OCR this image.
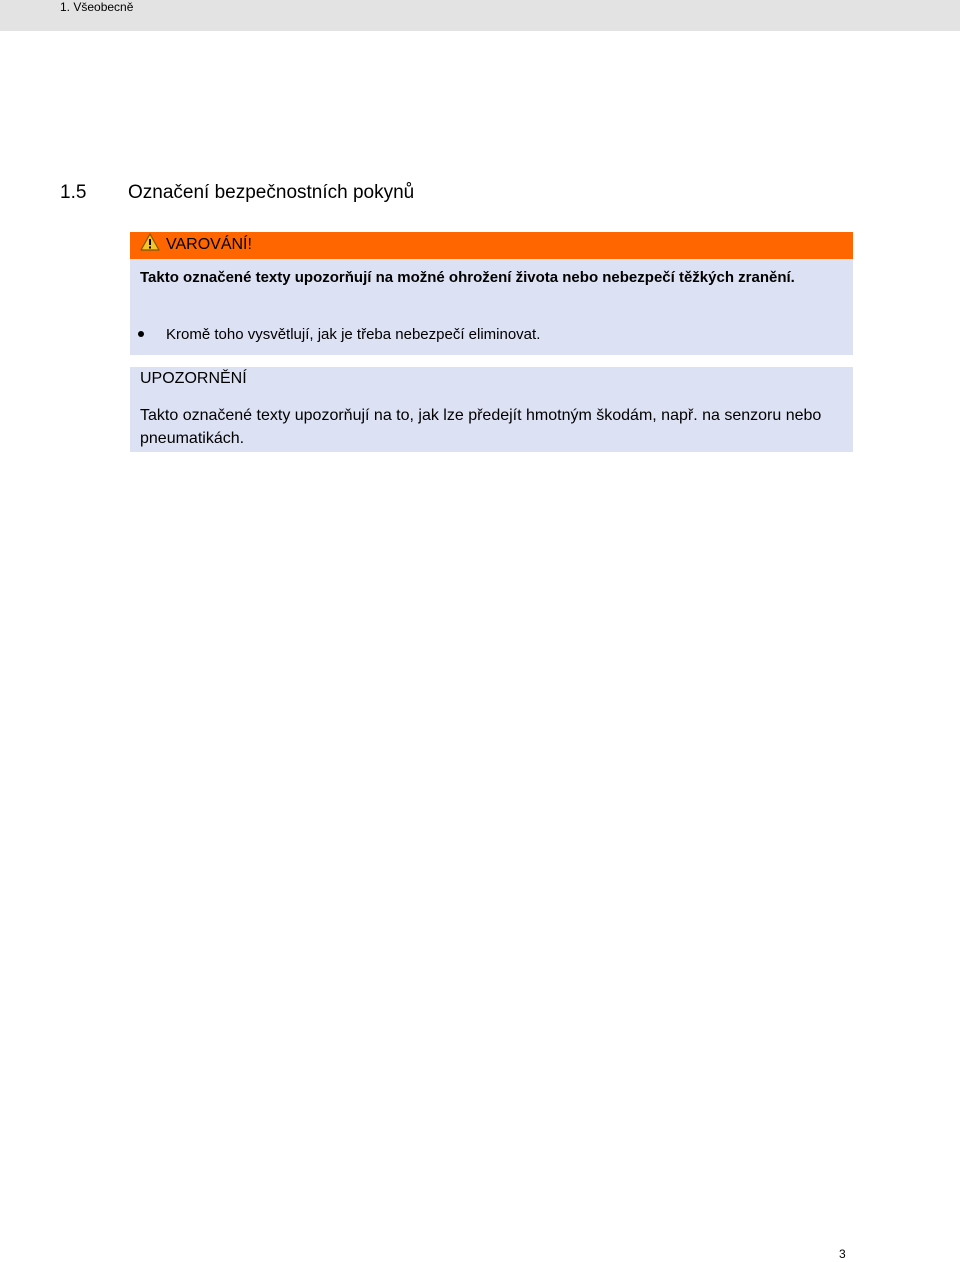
1. Všeobecně
1.5 Označení bezpečnostních pokynů
VAROVÁNÍ!
Takto označené texty upozorňují na možné ohrožení života nebo nebezpečí těžkých zranění.
Kromě toho vysvětlují, jak je třeba nebezpečí eliminovat.
UPOZORNĚNÍ
Takto označené texty upozorňují na to, jak lze předejít hmotným škodám, např. na senzoru nebo pneumatikách.
3
